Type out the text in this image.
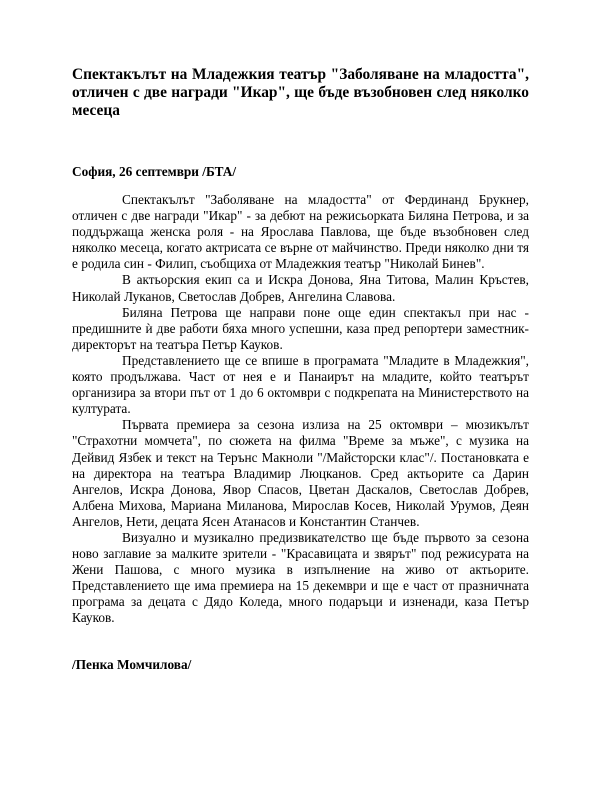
Спектакълът на Младежкия театър "Заболяване на младостта", отличен с две награди "Икар", ще бъде възобновен след няколко месеца

София, 26 септември /БТА/

Спектакълът "Заболяване на младостта" от Фердинанд Брукнер, отличен с две награди "Икар" - за дебют на режисьорката Биляна Петрова, и за поддържаща женска роля - на Ярослава Павлова, ще бъде възобновен след няколко месеца, когато актрисата се върне от майчинство. Преди няколко дни тя е родила син - Филип, съобщиха от Младежкия театър "Николай Бинев".

В актьорския екип са и Искра Донова, Яна Титова, Малин Кръстев, Николай Луканов, Светослав Добрев, Ангелина Славова.

Биляна Петрова ще направи поне още един спектакъл при нас - предишните ѝ две работи бяха много успешни, каза пред репортери заместник-директорът на театъра Петър Кауков.

Представлението ще се впише в програмата "Младите в Младежкия", която продължава. Част от нея е и Панаирът на младите, който театърът организира за втори път от 1 до 6 октомври с подкрепата на Министерството на културата.

Първата премиера за сезона излиза на 25 октомври – мюзикълът "Страхотни момчета", по сюжета на филма "Време за мъже", с музика на Дейвид Язбек и текст на Терънс Макноли "/Майсторски клас"/. Постановката е на директора на театъра Владимир Люцканов. Сред актьорите са Дарин Ангелов, Искра Донова, Явор Спасов, Цветан Даскалов, Светослав Добрев, Албена Михова, Мариана Миланова, Мирослав Косев, Николай Урумов, Деян Ангелов, Нети, децата Ясен Атанасов и Константин Станчев.

Визуално и музикално предизвикателство ще бъде първото за сезона ново заглавие за малките зрители - "Красавицата и звярът" под режисурата на Жени Пашова, с много музика в изпълнение на живо от актьорите. Представлението ще има премиера на 15 декември и ще е част от празничната програма за децата с Дядо Коледа, много подаръци и изненади, каза Петър Кауков.

/Пенка Момчилова/
